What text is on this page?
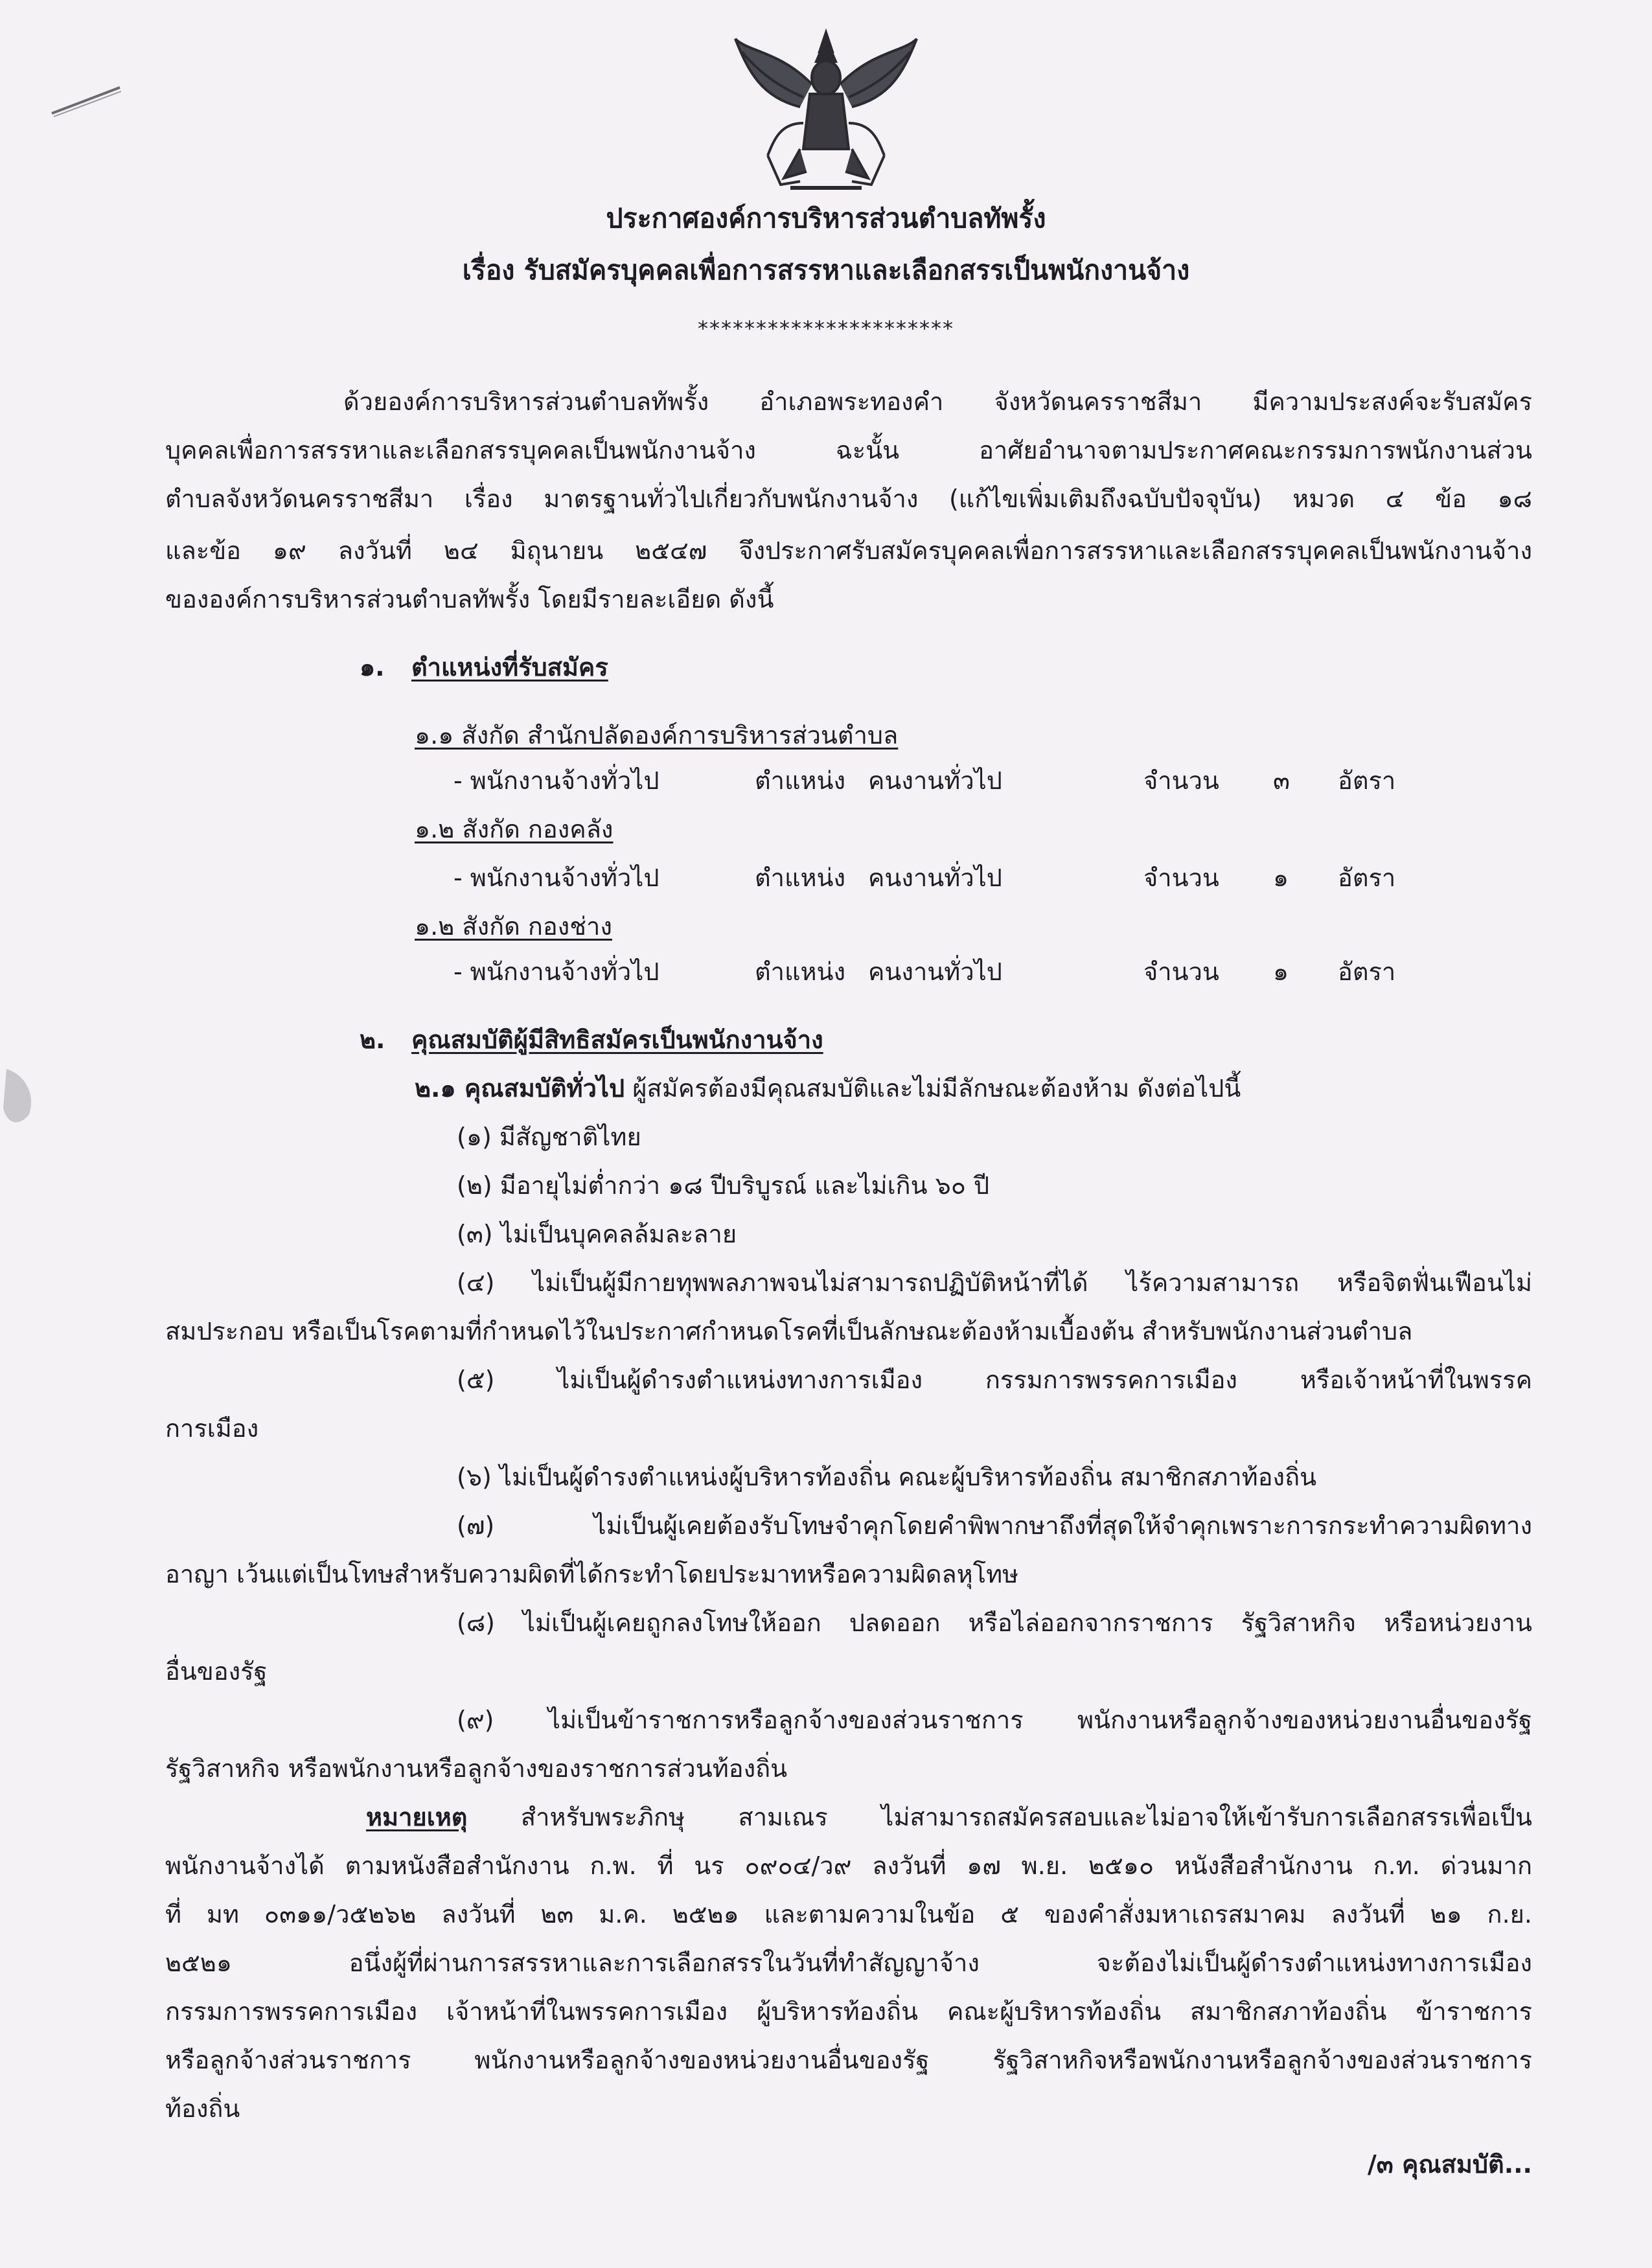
ประกาศองค์การบริหารส่วนตำบลทัพรั้ง
เรื่อง รับสมัครบุคคลเพื่อการสรรหาและเลือกสรรเป็นพนักงานจ้าง
**********************
ด้วยองค์การบริหารส่วนตำบลทัพรั้ง อำเภอพระทองคำ จังหวัดนครราชสีมา มีความประสงค์จะรับสมัคร
บุคคลเพื่อการสรรหาและเลือกสรรบุคคลเป็นพนักงานจ้าง ฉะนั้น อาศัยอำนาจตามประกาศคณะกรรมการพนักงานส่วน
ตำบลจังหวัดนครราชสีมา เรื่อง มาตรฐานทั่วไปเกี่ยวกับพนักงานจ้าง (แก้ไขเพิ่มเติมถึงฉบับปัจจุบัน) หมวด ๔ ข้อ ๑๘
และข้อ ๑๙ ลงวันที่ ๒๔ มิถุนายน ๒๕๔๗ จึงประกาศรับสมัครบุคคลเพื่อการสรรหาและเลือกสรรบุคคลเป็นพนักงานจ้าง
ขององค์การบริหารส่วนตำบลทัพรั้ง โดยมีรายละเอียด ดังนี้
๑. ตำแหน่งที่รับสมัคร
๑.๑ สังกัด สำนักปลัดองค์การบริหารส่วนตำบล
- พนักงานจ้างทั่วไป	ตำแหน่ง คนงานทั่วไป	จำนวน ๓ อัตรา
๑.๒ สังกัด กองคลัง
- พนักงานจ้างทั่วไป	ตำแหน่ง คนงานทั่วไป	จำนวน ๑ อัตรา
๑.๒ สังกัด กองช่าง
- พนักงานจ้างทั่วไป	ตำแหน่ง คนงานทั่วไป	จำนวน ๑ อัตรา
๒. คุณสมบัติผู้มีสิทธิสมัครเป็นพนักงานจ้าง
๒.๑ คุณสมบัติทั่วไป ผู้สมัครต้องมีคุณสมบัติและไม่มีลักษณะต้องห้าม ดังต่อไปนี้
(๑) มีสัญชาติไทย
(๒) มีอายุไม่ต่ำกว่า ๑๘ ปีบริบูรณ์ และไม่เกิน ๖๐ ปี
(๓) ไม่เป็นบุคคลล้มละลาย
(๔) ไม่เป็นผู้มีกายทุพพลภาพจนไม่สามารถปฏิบัติหน้าที่ได้ ไร้ความสามารถ หรือจิตฟั่นเฟือนไม่
สมประกอบ หรือเป็นโรคตามที่กำหนดไว้ในประกาศกำหนดโรคที่เป็นลักษณะต้องห้ามเบื้องต้น สำหรับพนักงานส่วนตำบล
(๕) ไม่เป็นผู้ดำรงตำแหน่งทางการเมือง กรรมการพรรคการเมือง หรือเจ้าหน้าที่ในพรรค
การเมือง
(๖) ไม่เป็นผู้ดำรงตำแหน่งผู้บริหารท้องถิ่น คณะผู้บริหารท้องถิ่น สมาชิกสภาท้องถิ่น
(๗) ไม่เป็นผู้เคยต้องรับโทษจำคุกโดยคำพิพากษาถึงที่สุดให้จำคุกเพราะการกระทำความผิดทาง
อาญา เว้นแต่เป็นโทษสำหรับความผิดที่ได้กระทำโดยประมาทหรือความผิดลหุโทษ
(๘) ไม่เป็นผู้เคยถูกลงโทษให้ออก ปลดออก หรือไล่ออกจากราชการ รัฐวิสาหกิจ หรือหน่วยงาน
อื่นของรัฐ
(๙) ไม่เป็นข้าราชการหรือลูกจ้างของส่วนราชการ พนักงานหรือลูกจ้างของหน่วยงานอื่นของรัฐ
รัฐวิสาหกิจ หรือพนักงานหรือลูกจ้างของราชการส่วนท้องถิ่น
หมายเหตุ สำหรับพระภิกษุ สามเณร ไม่สามารถสมัครสอบและไม่อาจให้เข้ารับการเลือกสรรเพื่อเป็น
พนักงานจ้างได้ ตามหนังสือสำนักงาน ก.พ. ที่ นร ๐๙๐๔/ว๙ ลงวันที่ ๑๗ พ.ย. ๒๕๑๐ หนังสือสำนักงาน ก.ท. ด่วนมาก
ที่ มท ๐๓๑๑/ว๕๒๖๒ ลงวันที่ ๒๓ ม.ค. ๒๕๒๑ และตามความในข้อ ๕ ของคำสั่งมหาเถรสมาคม ลงวันที่ ๒๑ ก.ย.
๒๕๒๑ อนึ่งผู้ที่ผ่านการสรรหาและการเลือกสรรในวันที่ทำสัญญาจ้าง จะต้องไม่เป็นผู้ดำรงตำแหน่งทางการเมือง
กรรมการพรรคการเมือง เจ้าหน้าที่ในพรรคการเมือง ผู้บริหารท้องถิ่น คณะผู้บริหารท้องถิ่น สมาชิกสภาท้องถิ่น ข้าราชการ
หรือลูกจ้างส่วนราชการ พนักงานหรือลูกจ้างของหน่วยงานอื่นของรัฐ รัฐวิสาหกิจหรือพนักงานหรือลูกจ้างของส่วนราชการ
ท้องถิ่น
/๓ คุณสมบัติ...
